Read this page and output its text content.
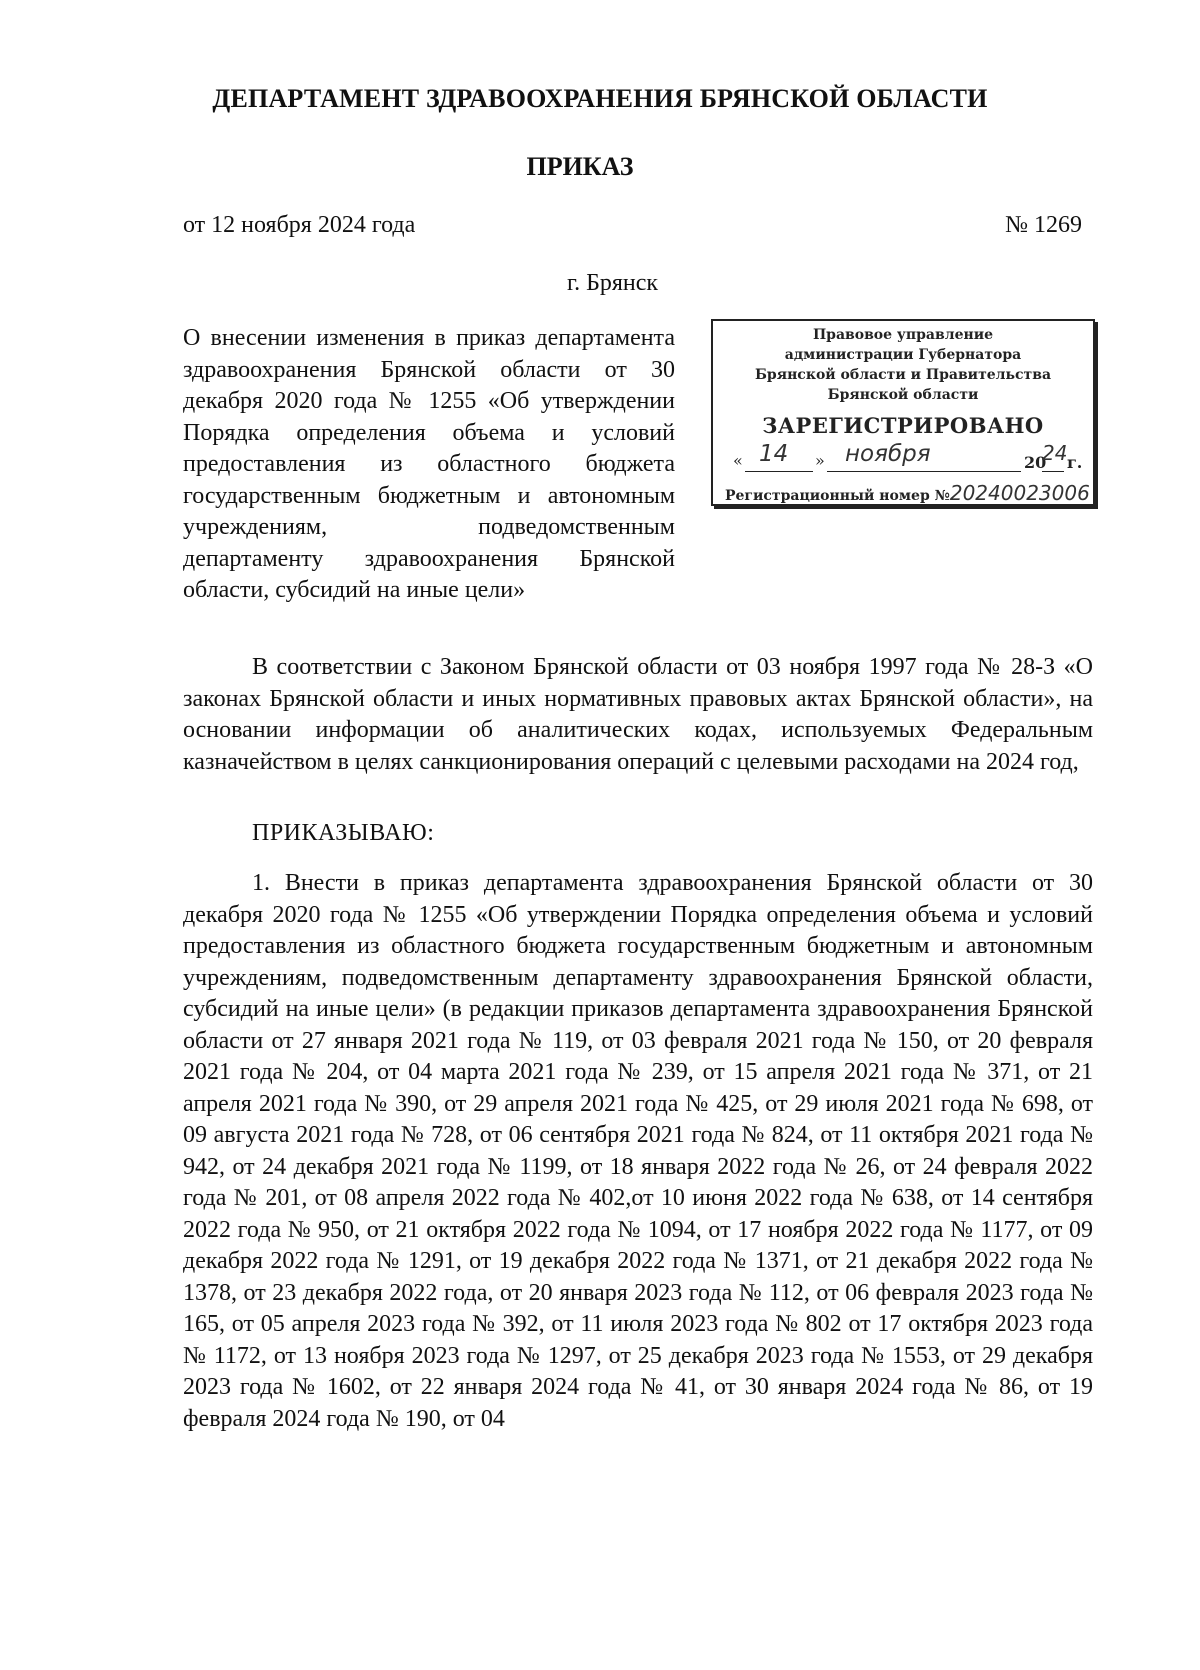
ДЕПАРТАМЕНТ ЗДРАВООХРАНЕНИЯ БРЯНСКОЙ ОБЛАСТИ
ПРИКАЗ
от 12 ноября 2024 года	№ 1269
г. Брянск
О внесении изменения в приказ департамента здравоохранения Брянской области от 30 декабря 2020 года № 1255 «Об утверждении Порядка определения объема и условий предоставления из областного бюджета государственным бюджетным и автономным учреждениям, подведомственным департаменту здравоохранения Брянской области, субсидий на иные цели»
Правовое управление
администрации Губернатора
Брянской области и Правительства
Брянской области
ЗАРЕГИСТРИРОВАНО
« 14 » ноября	20
24 г.
Регистрационный номер №20240023006
В соответствии с Законом Брянской области от 03 ноября 1997 года № 28-З «О законах Брянской области и иных нормативных правовых актах Брянской области», на основании информации об аналитических кодах, используемых Федеральным казначейством в целях санкционирования операций с целевыми расходами на 2024 год,
ПРИКАЗЫВАЮ:
1. Внести в приказ департамента здравоохранения Брянской области от 30 декабря 2020 года № 1255 «Об утверждении Порядка определения объема и условий предоставления из областного бюджета государственным бюджетным и автономным учреждениям, подведомственным департаменту здравоохранения Брянской области, субсидий на иные цели» (в редакции приказов департамента здравоохранения Брянской области от 27 января 2021 года № 119, от 03 февраля 2021 года № 150, от 20 февраля 2021 года № 204, от 04 марта 2021 года № 239, от 15 апреля 2021 года № 371, от 21 апреля 2021 года № 390, от 29 апреля 2021 года № 425, от 29 июля 2021 года № 698, от 09 августа 2021 года № 728, от 06 сентября 2021 года № 824, от 11 октября 2021 года № 942, от 24 декабря 2021 года № 1199, от 18 января 2022 года № 26, от 24 февраля 2022 года № 201, от 08 апреля 2022 года № 402,от 10 июня 2022 года № 638, от 14 сентября 2022 года № 950, от 21 октября 2022 года № 1094, от 17 ноября 2022 года № 1177, от 09 декабря 2022 года № 1291, от 19 декабря 2022 года № 1371, от 21 декабря 2022 года № 1378, от 23 декабря 2022 года, от 20 января 2023 года № 112, от 06 февраля 2023 года № 165, от 05 апреля 2023 года № 392, от 11 июля 2023 года № 802 от 17 октября 2023 года № 1172, от 13 ноября 2023 года № 1297, от 25 декабря 2023 года № 1553, от 29 декабря 2023 года № 1602, от 22 января 2024 года № 41, от 30 января 2024 года № 86, от 19 февраля 2024 года № 190, от 04
